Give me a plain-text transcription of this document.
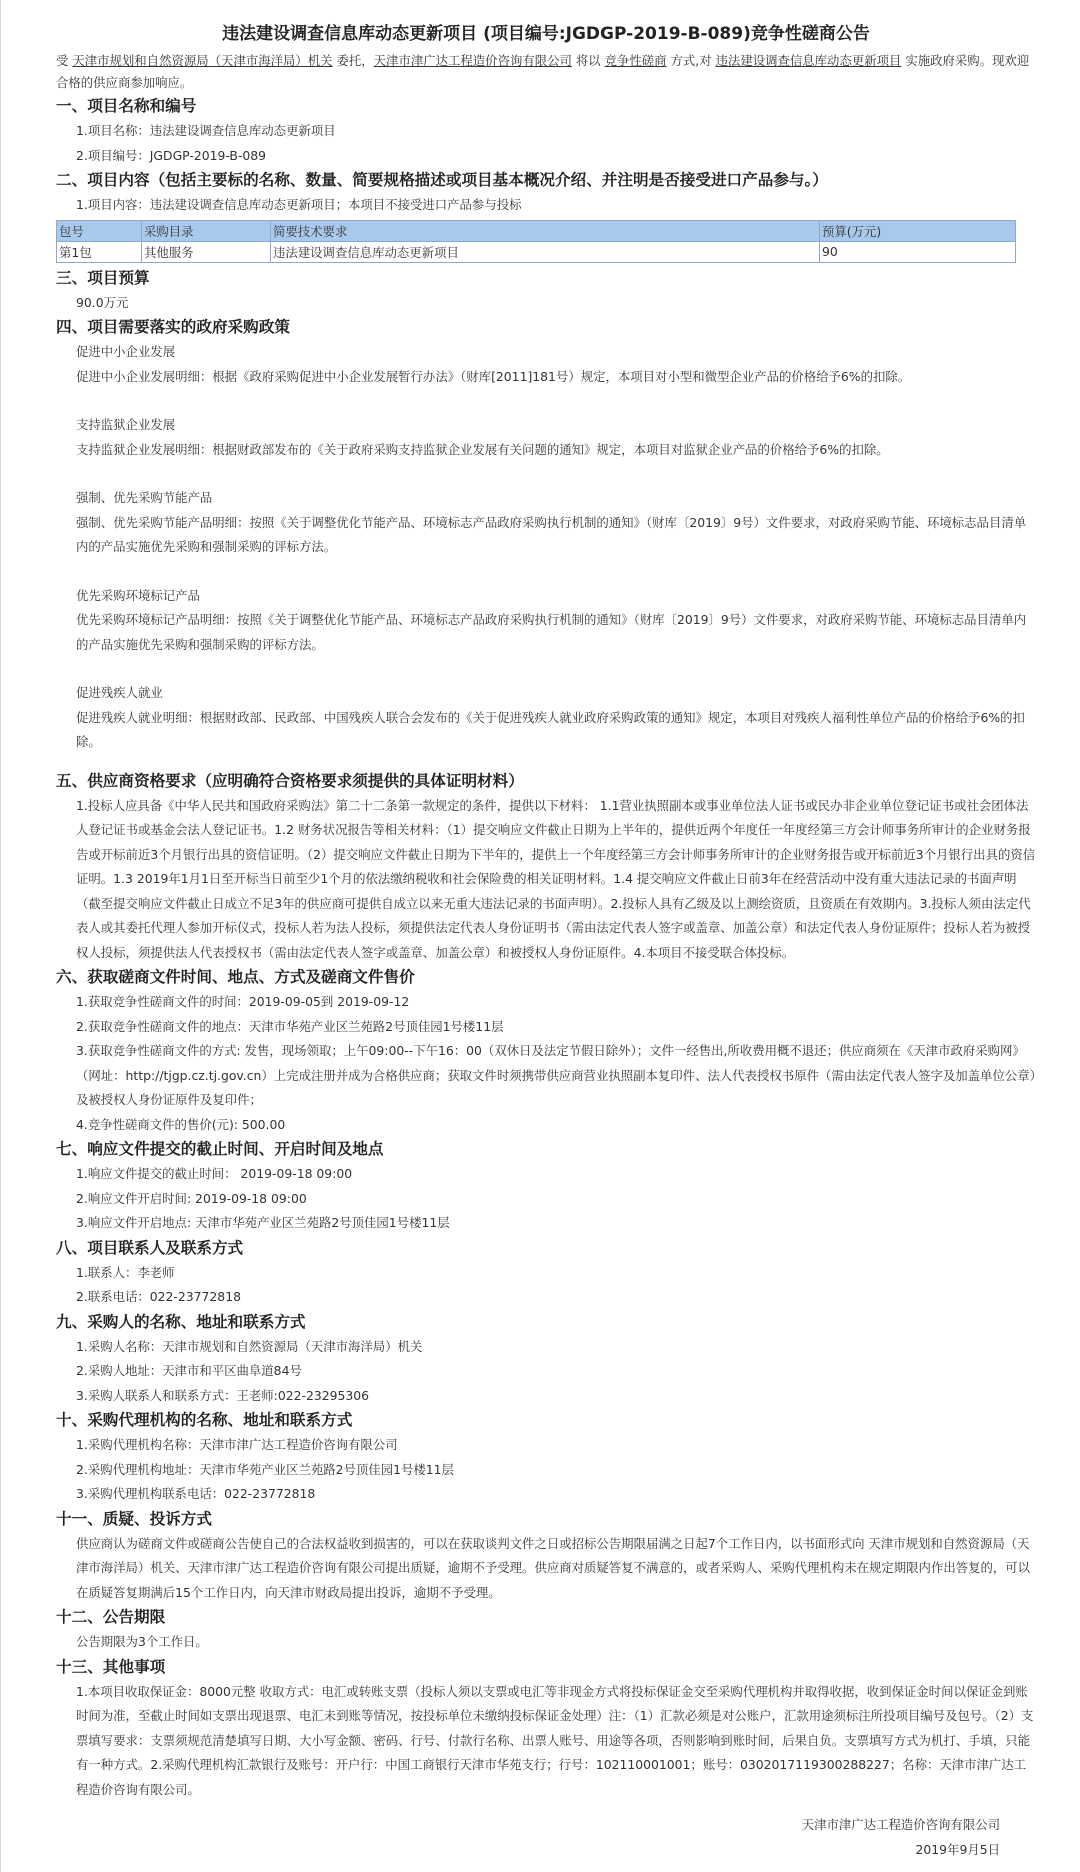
违法建设调查信息库动态更新项目 (项目编号:JGDGP-2019-B-089)竞争性磋商公告

受 天津市规划和自然资源局（天津市海洋局）机关 委托，天津市津广达工程造价咨询有限公司 将以 竞争性磋商 方式,对 违法建设调查信息库动态更新项目 实施政府采购。现欢迎合格的供应商参加响应。

一、项目名称和编号
1.项目名称：违法建设调查信息库动态更新项目
2.项目编号：JGDGP-2019-B-089
二、项目内容（包括主要标的名称、数量、简要规格描述或项目基本概况介绍、并注明是否接受进口产品参与。）
1.项目内容：违法建设调查信息库动态更新项目；本项目不接受进口产品参与投标
包号	采购目录	简要技术要求	预算(万元)
第1包	其他服务	违法建设调查信息库动态更新项目	90
三、项目预算
90.0万元
四、项目需要落实的政府采购政策
促进中小企业发展
促进中小企业发展明细：根据《政府采购促进中小企业发展暂行办法》（财库[2011]181号）规定，本项目对小型和微型企业产品的价格给予6%的扣除。
支持监狱企业发展
支持监狱企业发展明细：根据财政部发布的《关于政府采购支持监狱企业发展有关问题的通知》规定，本项目对监狱企业产品的价格给予6%的扣除。
强制、优先采购节能产品
强制、优先采购节能产品明细：按照《关于调整优化节能产品、环境标志产品政府采购执行机制的通知》（财库〔2019〕9号）文件要求，对政府采购节能、环境标志品目清单内的产品实施优先采购和强制采购的评标方法。
优先采购环境标记产品
优先采购环境标记产品明细：按照《关于调整优化节能产品、环境标志产品政府采购执行机制的通知》（财库〔2019〕9号）文件要求，对政府采购节能、环境标志品目清单内的产品实施优先采购和强制采购的评标方法。
促进残疾人就业
促进残疾人就业明细：根据财政部、民政部、中国残疾人联合会发布的《关于促进残疾人就业政府采购政策的通知》规定，本项目对残疾人福利性单位产品的价格给予6%的扣除。
五、供应商资格要求（应明确符合资格要求须提供的具体证明材料）
1.投标人应具备《中华人民共和国政府采购法》第二十二条第一款规定的条件，提供以下材料： 1.1营业执照副本或事业单位法人证书或民办非企业单位登记证书或社会团体法人登记证书或基金会法人登记证书。1.2 财务状况报告等相关材料：（1）提交响应文件截止日期为上半年的，提供近两个年度任一年度经第三方会计师事务所审计的企业财务报告或开标前近3个月银行出具的资信证明。（2）提交响应文件截止日期为下半年的，提供上一个年度经第三方会计师事务所审计的企业财务报告或开标前近3个月银行出具的资信证明。1.3 2019年1月1日至开标当日前至少1个月的依法缴纳税收和社会保险费的相关证明材料。1.4 提交响应文件截止日前3年在经营活动中没有重大违法记录的书面声明（截至提交响应文件截止日成立不足3年的供应商可提供自成立以来无重大违法记录的书面声明）。2.投标人具有乙级及以上测绘资质，且资质在有效期内。3.投标人须由法定代表人或其委托代理人参加开标仪式，投标人若为法人投标，须提供法定代表人身份证明书（需由法定代表人签字或盖章、加盖公章）和法定代表人身份证原件；投标人若为被授权人投标，须提供法人代表授权书（需由法定代表人签字或盖章、加盖公章）和被授权人身份证原件。4.本项目不接受联合体投标。
六、获取磋商文件时间、地点、方式及磋商文件售价
1.获取竞争性磋商文件的时间：2019-09-05到 2019-09-12
2.获取竞争性磋商文件的地点：天津市华苑产业区兰苑路2号顶佳园1号楼11层
3.获取竞争性磋商文件的方式: 发售，现场领取；上午09:00--下午16：00（双休日及法定节假日除外）；文件一经售出,所收费用概不退还；供应商须在《天津市政府采购网》（网址：http://tjgp.cz.tj.gov.cn）上完成注册并成为合格供应商；获取文件时须携带供应商营业执照副本复印件、法人代表授权书原件（需由法定代表人签字及加盖单位公章）及被授权人身份证原件及复印件；
4.竞争性磋商文件的售价(元): 500.00
七、响应文件提交的截止时间、开启时间及地点
1.响应文件提交的截止时间： 2019-09-18 09:00
2.响应文件开启时间: 2019-09-18 09:00
3.响应文件开启地点: 天津市华苑产业区兰苑路2号顶佳园1号楼11层
八、项目联系人及联系方式
1.联系人：李老师
2.联系电话：022-23772818
九、采购人的名称、地址和联系方式
1.采购人名称：天津市规划和自然资源局（天津市海洋局）机关
2.采购人地址：天津市和平区曲阜道84号
3.采购人联系人和联系方式：王老师:022-23295306
十、采购代理机构的名称、地址和联系方式
1.采购代理机构名称：天津市津广达工程造价咨询有限公司
2.采购代理机构地址：天津市华苑产业区兰苑路2号顶佳园1号楼11层
3.采购代理机构联系电话：022-23772818
十一、质疑、投诉方式
供应商认为磋商文件或磋商公告使自己的合法权益收到损害的，可以在获取谈判文件之日或招标公告期限届满之日起7个工作日内，以书面形式向 天津市规划和自然资源局（天津市海洋局）机关、天津市津广达工程造价咨询有限公司提出质疑，逾期不予受理。供应商对质疑答复不满意的，或者采购人、采购代理机构未在规定期限内作出答复的，可以在质疑答复期满后15个工作日内，向天津市财政局提出投诉，逾期不予受理。
十二、公告期限
公告期限为3个工作日。
十三、其他事项
1.本项目收取保证金：8000元整 收取方式：电汇或转账支票（投标人须以支票或电汇等非现金方式将投标保证金交至采购代理机构并取得收据，收到保证金时间以保证金到账时间为准，至截止时间如支票出现退票、电汇未到账等情况，按投标单位未缴纳投标保证金处理）注：（1）汇款必须是对公账户，汇款用途须标注所投项目编号及包号。（2）支票填写要求：支票须规范清楚填写日期、大小写金额、密码、行号、付款行名称、出票人账号、用途等各项，否则影响到账时间，后果自负。支票填写方式为机打、手填，只能有一种方式。2.采购代理机构汇款银行及账号：开户行：中国工商银行天津市华苑支行；行号：102110001001；账号：0302017119300288227；名称：天津市津广达工程造价咨询有限公司。
天津市津广达工程造价咨询有限公司
2019年9月5日
